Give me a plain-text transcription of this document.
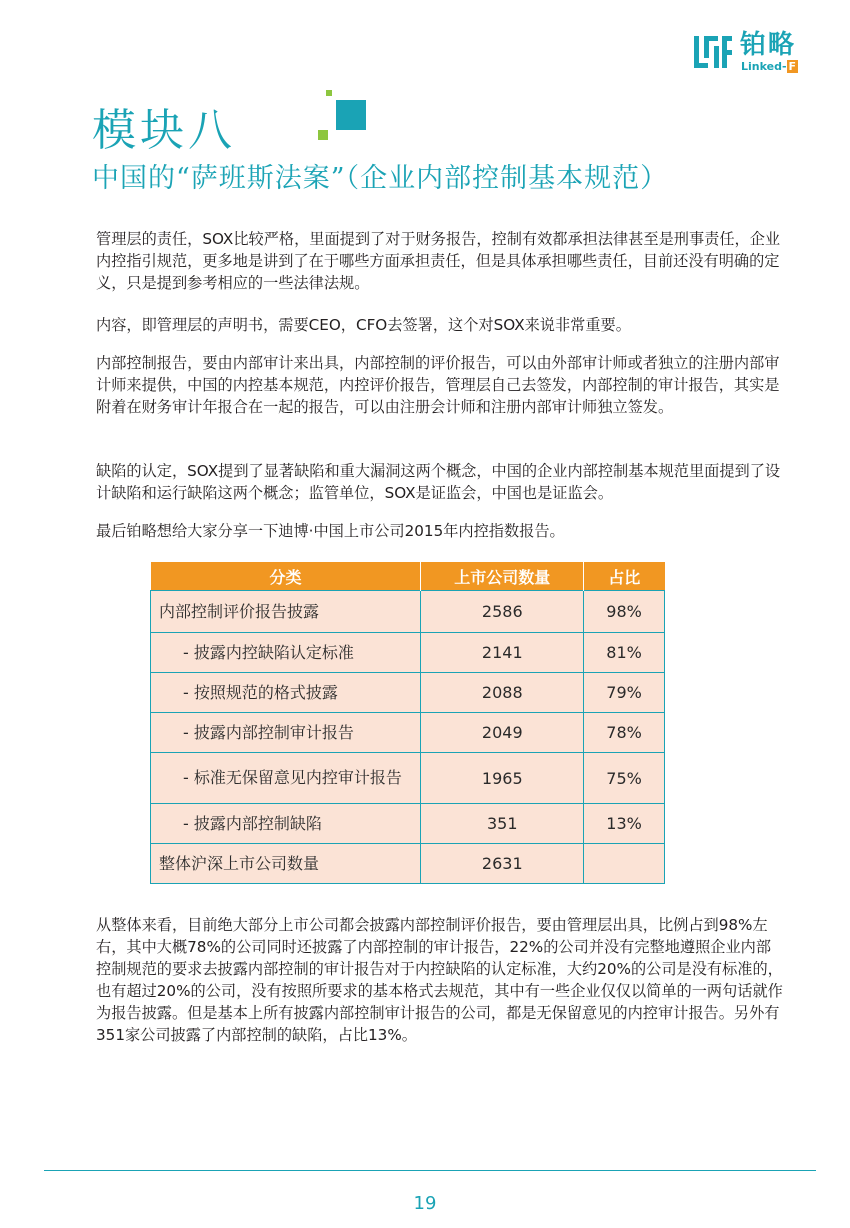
铂略
Linked- F
模块八
中国的“萨班斯法案”（企业内部控制基本规范）

管理层的责任，SOX比较严格，里面提到了对于财务报告，控制有效都承担法律甚至是刑事责任，企业内控指引规范，更多地是讲到了在于哪些方面承担责任，但是具体承担哪些责任，目前还没有明确的定义，只是提到参考相应的一些法律法规。

内容，即管理层的声明书，需要CEO，CFO去签署，这个对SOX来说非常重要。

内部控制报告，要由内部审计来出具，内部控制的评价报告，可以由外部审计师或者独立的注册内部审计师来提供，中国的内控基本规范，内控评价报告，管理层自己去签发，内部控制的审计报告，其实是附着在财务审计年报合在一起的报告，可以由注册会计师和注册内部审计师独立签发。

缺陷的认定，SOX提到了显著缺陷和重大漏洞这两个概念，中国的企业内部控制基本规范里面提到了设计缺陷和运行缺陷这两个概念；监管单位，SOX是证监会，中国也是证监会。

最后铂略想给大家分享一下迪博·中国上市公司2015年内控指数报告。

分类	上市公司数量	占比
内部控制评价报告披露	2586	98%
- 披露内控缺陷认定标准	2141	81%
- 按照规范的格式披露	2088	79%
- 披露内部控制审计报告	2049	78%
- 标准无保留意见内控审计报告	1965	75%
- 披露内部控制缺陷	351	13%
整体沪深上市公司数量	2631	

从整体来看，目前绝大部分上市公司都会披露内部控制评价报告，要由管理层出具，比例占到98%左右，其中大概78%的公司同时还披露了内部控制的审计报告，22%的公司并没有完整地遵照企业内部控制规范的要求去披露内部控制的审计报告对于内控缺陷的认定标准，大约20%的公司是没有标准的，也有超过20%的公司，没有按照所要求的基本格式去规范，其中有一些企业仅仅以简单的一两句话就作为报告披露。但是基本上所有披露内部控制审计报告的公司，都是无保留意见的内控审计报告。另外有351家公司披露了内部控制的缺陷，占比13%。

19
